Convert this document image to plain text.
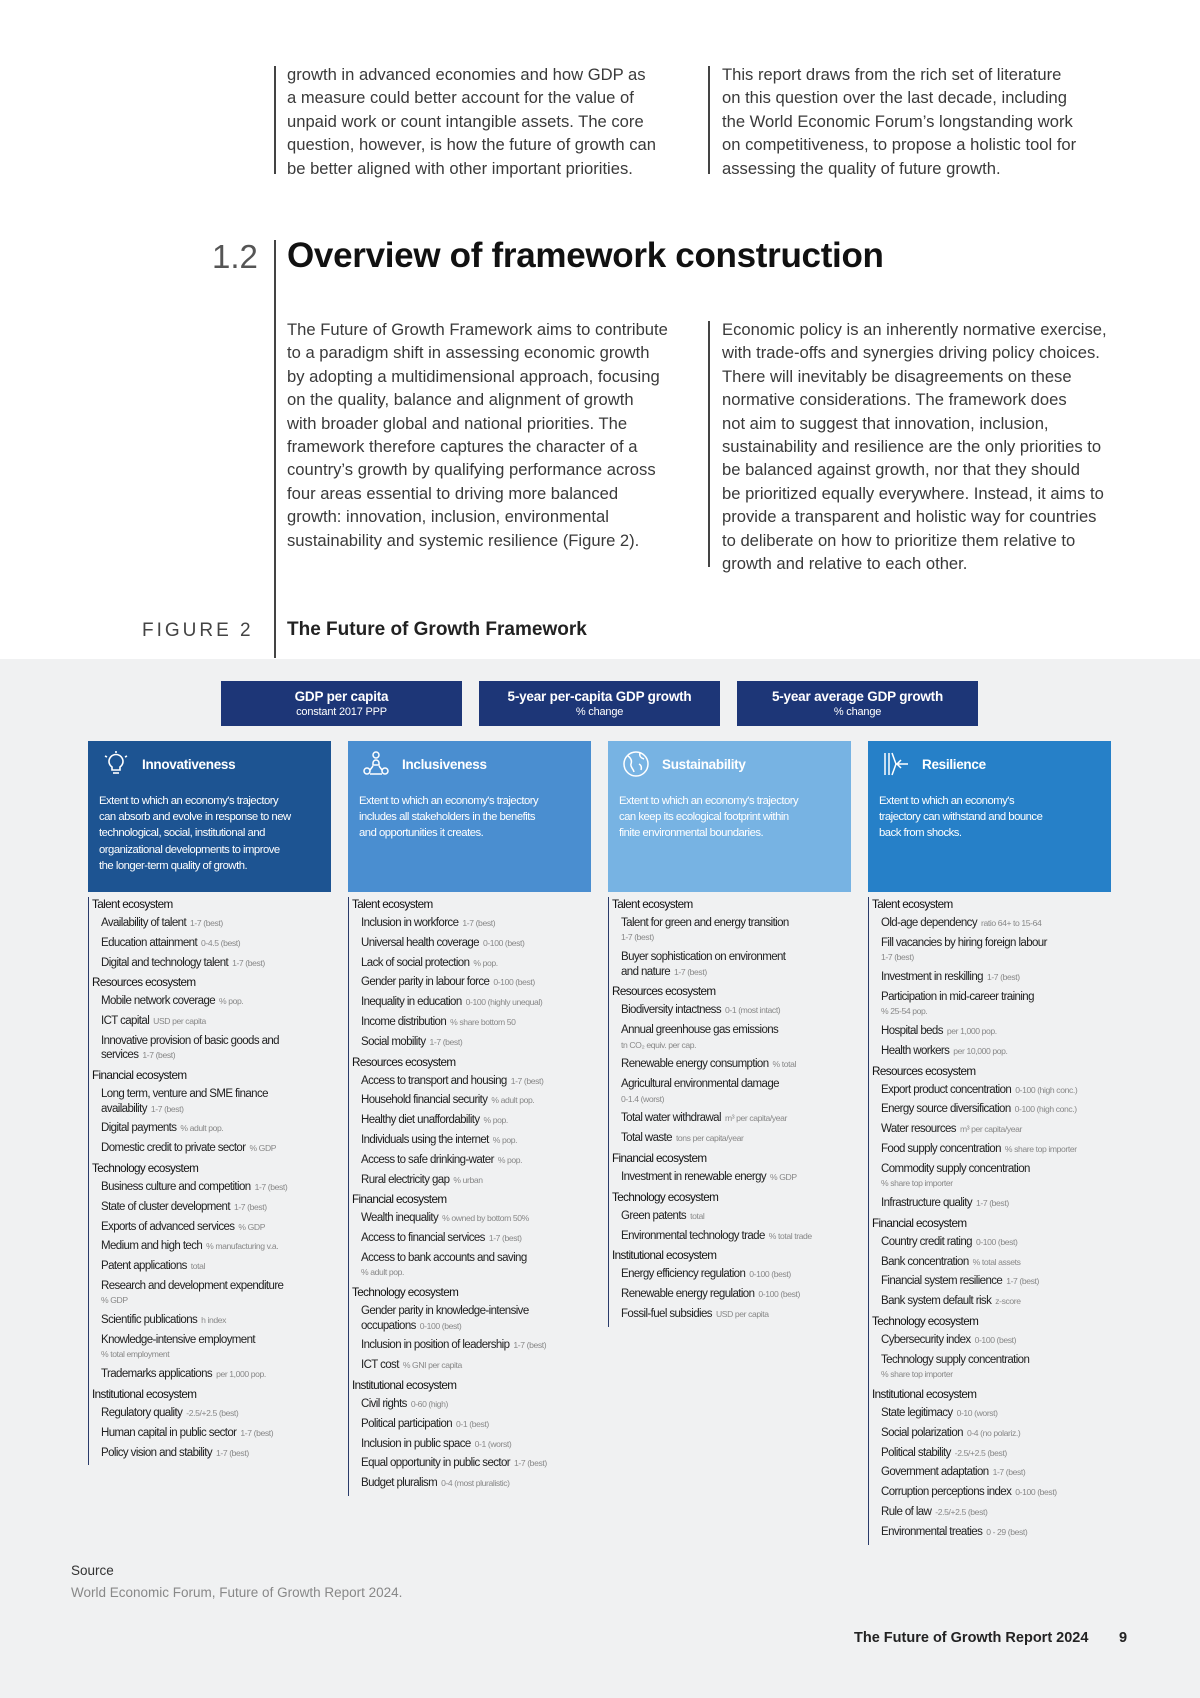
growth in advanced economies and how GDP as
a measure could better account for the value of
unpaid work or count intangible assets. The core
question, however, is how the future of growth can
be better aligned with other important priorities.
This report draws from the rich set of literature
on this question over the last decade, including
the World Economic Forum’s longstanding work
on competitiveness, to propose a holistic tool for
assessing the quality of future growth.
1.2 Overview of framework construction
The Future of Growth Framework aims to contribute
to a paradigm shift in assessing economic growth
by adopting a multidimensional approach, focusing
on the quality, balance and alignment of growth
with broader global and national priorities. The
framework therefore captures the character of a
country’s growth by qualifying performance across
four areas essential to driving more balanced
growth: innovation, inclusion, environmental
sustainability and systemic resilience (Figure 2).
Economic policy is an inherently normative exercise,
with trade-offs and synergies driving policy choices.
There will inevitably be disagreements on these
normative considerations. The framework does
not aim to suggest that innovation, inclusion,
sustainability and resilience are the only priorities to
be balanced against growth, nor that they should
be prioritized equally everywhere. Instead, it aims to
provide a transparent and holistic way for countries
to deliberate on how to prioritize them relative to
growth and relative to each other.
FIGURE 2 The Future of Growth Framework
GDP per capita
constant 2017 PPP
5-year per-capita GDP growth
% change
5-year average GDP growth
% change
Innovativeness
Extent to which an economy's trajectory
can absorb and evolve in response to new
technological, social, institutional and
organizational developments to improve
the longer-term quality of growth.
Inclusiveness
Extent to which an economy's trajectory
includes all stakeholders in the benefits
and opportunities it creates.
Sustainability
Extent to which an economy's trajectory
can keep its ecological footprint within
finite environmental boundaries.
Resilience
Extent to which an economy's
trajectory can withstand and bounce
back from shocks.
Talent ecosystem
Availability of talent 1-7 (best)
Education attainment 0-4.5 (best)
Digital and technology talent 1-7 (best)
Resources ecosystem
Mobile network coverage % pop.
ICT capital USD per capita
Innovative provision of basic goods and
services 1-7 (best)
Financial ecosystem
Long term, venture and SME finance
availability 1-7 (best)
Digital payments % adult pop.
Domestic credit to private sector % GDP
Technology ecosystem
Business culture and competition 1-7 (best)
State of cluster development 1-7 (best)
Exports of advanced services % GDP
Medium and high tech % manufacturing v.a.
Patent applications total
Research and development expenditure
% GDP
Scientific publications h index
Knowledge-intensive employment
% total employment
Trademarks applications per 1,000 pop.
Institutional ecosystem
Regulatory quality -2.5/+2.5 (best)
Human capital in public sector 1-7 (best)
Policy vision and stability 1-7 (best)
Talent ecosystem
Inclusion in workforce 1-7 (best)
Universal health coverage 0-100 (best)
Lack of social protection % pop.
Gender parity in labour force 0-100 (best)
Inequality in education 0-100 (highly unequal)
Income distribution % share bottom 50
Social mobility 1-7 (best)
Resources ecosystem
Access to transport and housing 1-7 (best)
Household financial security % adult pop.
Healthy diet unaffordability % pop.
Individuals using the internet % pop.
Access to safe drinking-water % pop.
Rural electricity gap % urban
Financial ecosystem
Wealth inequality % owned by bottom 50%
Access to financial services 1-7 (best)
Access to bank accounts and saving
% adult pop.
Technology ecosystem
Gender parity in knowledge-intensive
occupations 0-100 (best)
Inclusion in position of leadership 1-7 (best)
ICT cost % GNI per capita
Institutional ecosystem
Civil rights 0-60 (high)
Political participation 0-1 (best)
Inclusion in public space 0-1 (worst)
Equal opportunity in public sector 1-7 (best)
Budget pluralism 0-4 (most pluralistic)
Talent ecosystem
Talent for green and energy transition
1-7 (best)
Buyer sophistication on environment
and nature 1-7 (best)
Resources ecosystem
Biodiversity intactness 0-1 (most intact)
Annual greenhouse gas emissions
tn CO₂ equiv. per cap.
Renewable energy consumption % total
Agricultural environmental damage
0-1.4 (worst)
Total water withdrawal m³ per capita/year
Total waste tons per capita/year
Financial ecosystem
Investment in renewable energy % GDP
Technology ecosystem
Green patents total
Environmental technology trade % total trade
Institutional ecosystem
Energy efficiency regulation 0-100 (best)
Renewable energy regulation 0-100 (best)
Fossil-fuel subsidies USD per capita
Talent ecosystem
Old-age dependency ratio 64+ to 15-64
Fill vacancies by hiring foreign labour
1-7 (best)
Investment in reskilling 1-7 (best)
Participation in mid-career training
% 25-54 pop.
Hospital beds per 1,000 pop.
Health workers per 10,000 pop.
Resources ecosystem
Export product concentration 0-100 (high conc.)
Energy source diversification 0-100 (high conc.)
Water resources m³ per capita/year
Food supply concentration % share top importer
Commodity supply concentration
% share top importer
Infrastructure quality 1-7 (best)
Financial ecosystem
Country credit rating 0-100 (best)
Bank concentration % total assets
Financial system resilience 1-7 (best)
Bank system default risk z-score
Technology ecosystem
Cybersecurity index 0-100 (best)
Technology supply concentration
% share top importer
Institutional ecosystem
State legitimacy 0-10 (worst)
Social polarization 0-4 (no polariz.)
Political stability -2.5/+2.5 (best)
Government adaptation 1-7 (best)
Corruption perceptions index 0-100 (best)
Rule of law -2.5/+2.5 (best)
Environmental treaties 0 - 29 (best)
Source
World Economic Forum, Future of Growth Report 2024.
The Future of Growth Report 2024 9
